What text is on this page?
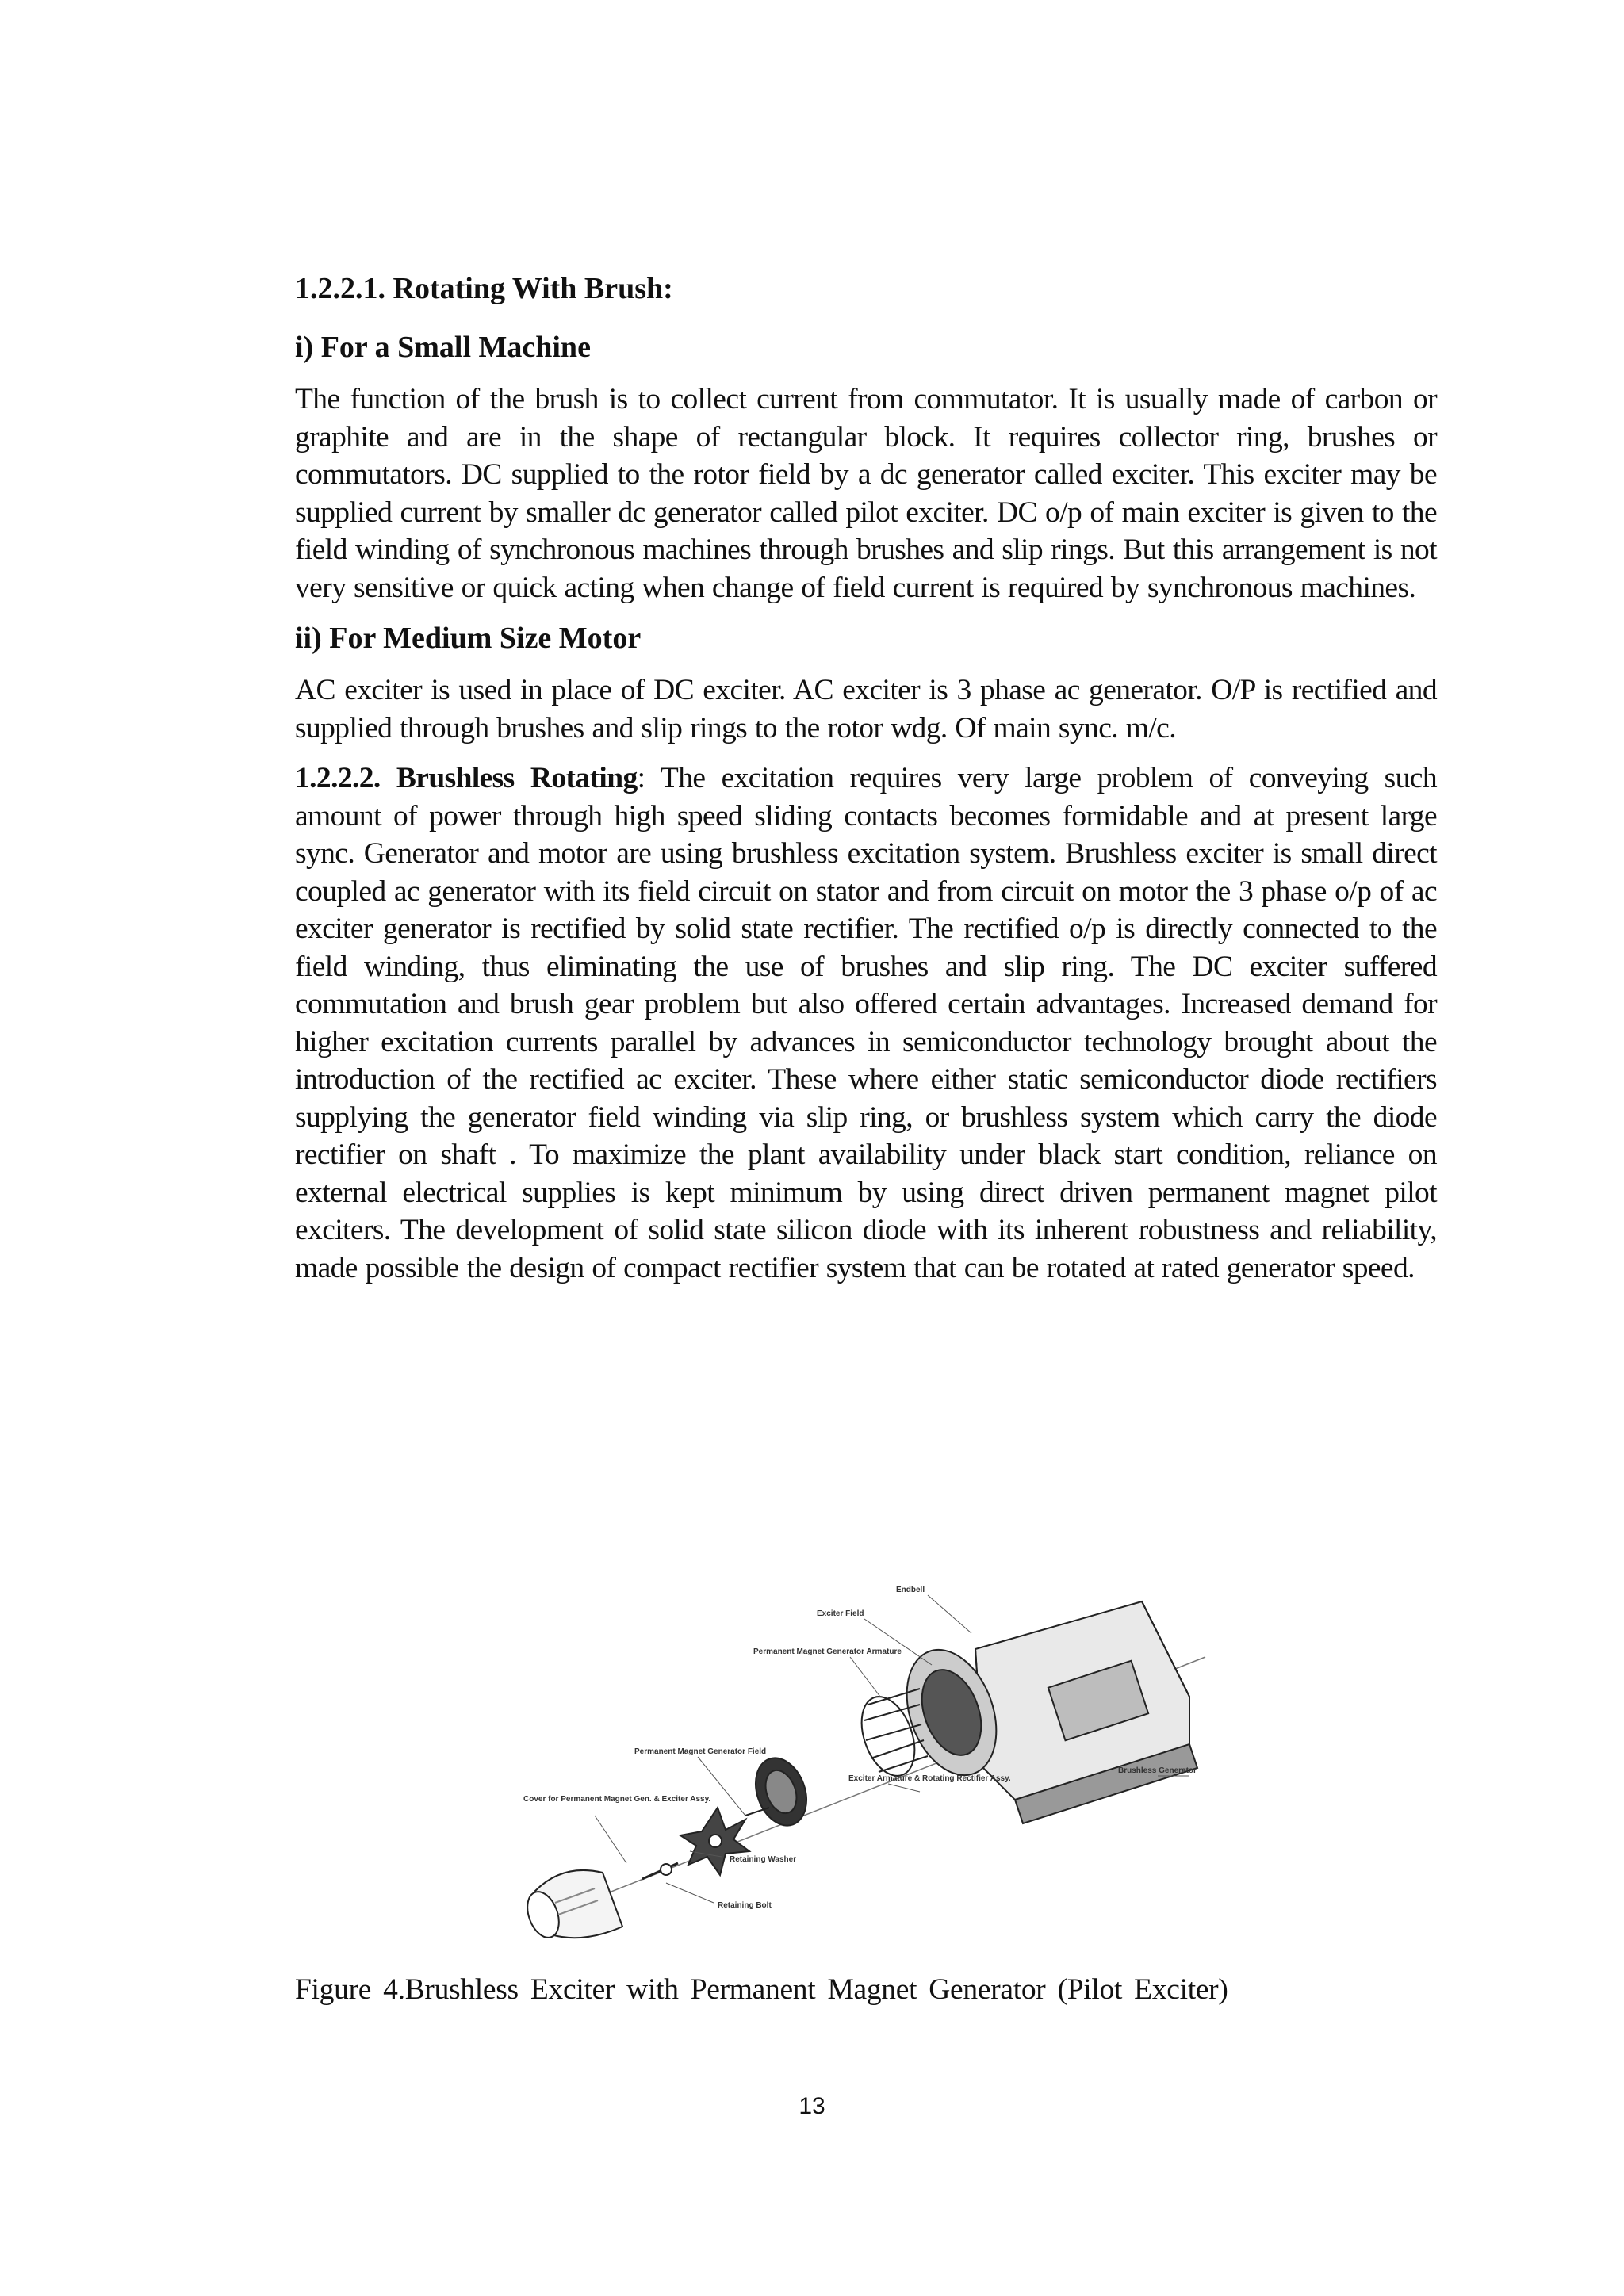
1.2.2.1. Rotating With Brush:

i) For a Small Machine

The function of the brush is to collect current from commutator. It is usually made of carbon or graphite and are in the shape of rectangular block. It requires collector ring, brushes or commutators. DC supplied to the rotor field by a dc generator called exciter. This exciter may be supplied current by smaller dc generator called pilot exciter. DC o/p of main exciter is given to the field winding of synchronous machines through brushes and slip rings. But this arrangement is not very sensitive or quick acting when change of field current is required by synchronous machines.

ii) For Medium Size Motor

AC exciter is used in place of DC exciter. AC exciter is 3 phase ac generator. O/P is rectified and supplied through brushes and slip rings to the rotor wdg. Of main sync. m/c.

1.2.2.2. Brushless Rotating: The excitation requires very large problem of conveying such amount of power through high speed sliding contacts becomes formidable and at present large sync. Generator and motor are using brushless excitation system. Brushless exciter is small direct coupled ac generator with its field circuit on stator and from circuit on motor the 3 phase o/p of ac exciter generator is rectified by solid state rectifier. The rectified o/p is directly connected to the field winding, thus eliminating the use of brushes and slip ring. The DC exciter suffered commutation and brush gear problem but also offered certain advantages. Increased demand for higher excitation currents parallel by advances in semiconductor technology brought about the introduction of the rectified ac exciter. These where either static semiconductor diode rectifiers supplying the generator field winding via slip ring, or brushless system which carry the diode rectifier on shaft . To maximize the plant availability under black start condition, reliance on external electrical supplies is kept minimum by using direct driven permanent magnet pilot exciters. The development of solid state silicon diode with its inherent robustness and reliability, made possible the design of compact rectifier system that can be rotated at rated generator speed.

Endbell
Exciter Field
Permanent Magnet Generator Armature
Permanent Magnet Generator Field
Cover for Permanent Magnet Gen. & Exciter Assy.
Brushless Generator
Exciter Armature & Rotating Rectifier Assy.
Retaining Washer
Retaining Bolt

Figure 4.Brushless Exciter with Permanent Magnet Generator (Pilot Exciter)

13
